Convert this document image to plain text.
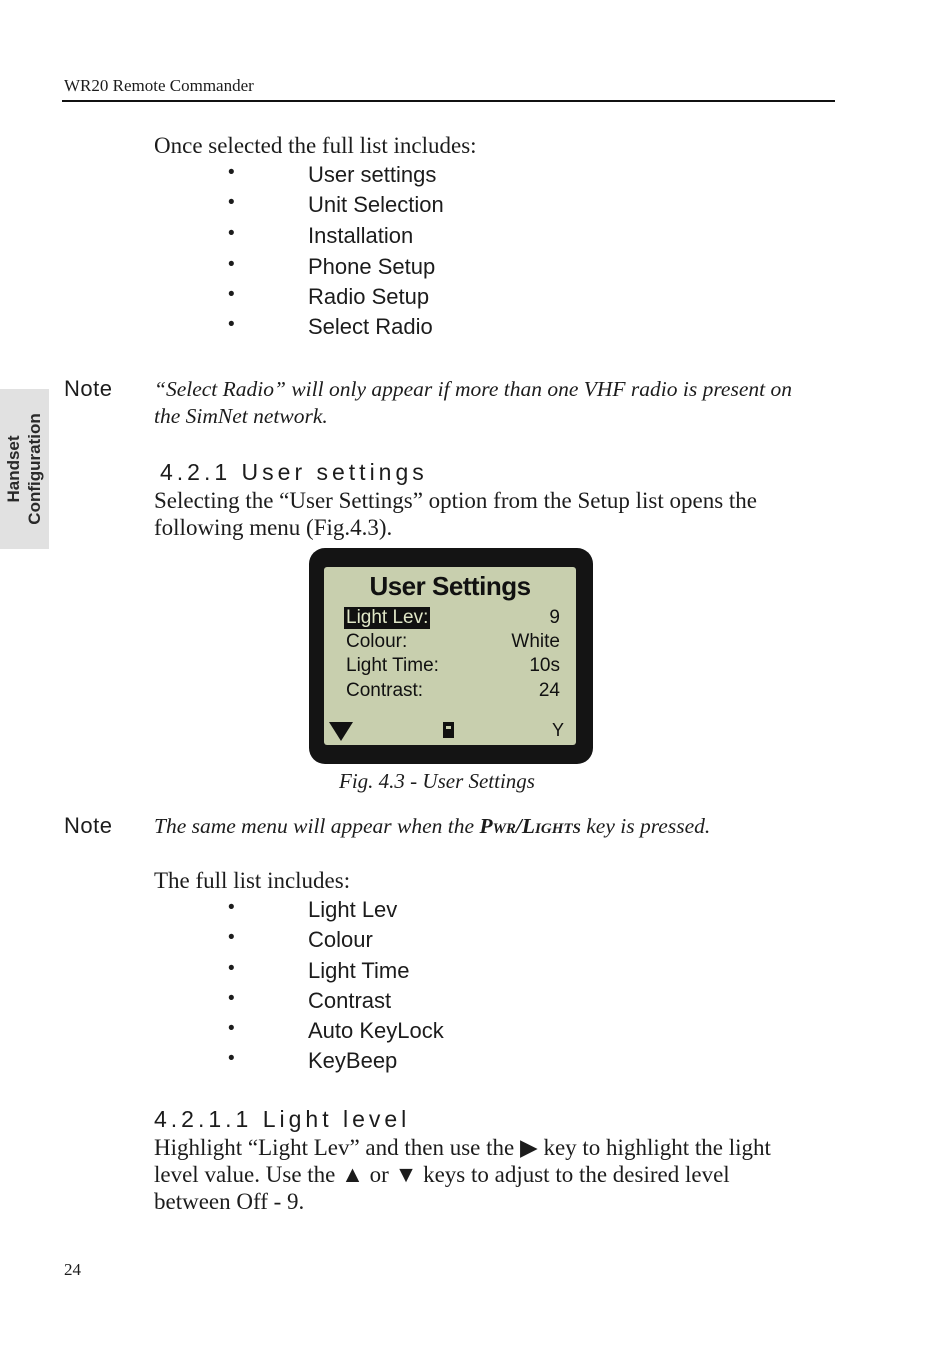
WR20 Remote Commander
Handset Configuration
Once selected the full list includes:
•	User settings
•	Unit Selection
•	Installation
•	Phone Setup
•	Radio Setup
•	Select Radio
Note “Select Radio” will only appear if more than one VHF radio is present on
the SimNet network.
4.2.1 User settings
Selecting the “User Settings” option from the Setup list opens the
following menu (Fig.4.3).
User Settings
Light Lev:	9
Colour:	White
Light Time:	10s
Contrast:	24
Y
Fig. 4.3 - User Settings
Note The same menu will appear when the Pwr/Lights key is pressed.
The full list includes:
•	Light Lev
•	Colour
•	Light Time
•	Contrast
•	Auto KeyLock
•	KeyBeep
4.2.1.1 Light level
Highlight “Light Lev” and then use the ▶ key to highlight the light
level value. Use the ▲ or ▼ keys to adjust to the desired level
between Off - 9.
24
